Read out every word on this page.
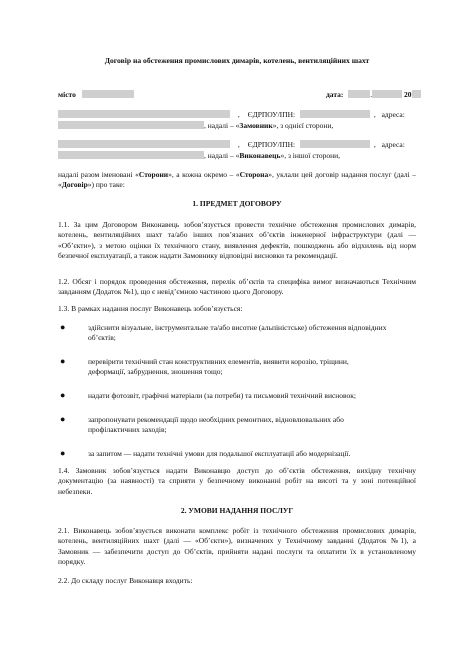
Договір на обстеження промислових димарів, котелень, вентиляційних шахт
місто	дата:	20
, ЄДРПОУ/ІПН:	, адреса:
, надалі – «Замовник», з однієї сторони,
, ЄДРПОУ/ІПН:	, адреса:
, надалі – «Виконавець», з іншої сторони,
надалі разом іменовані «Сторони», а кожна окремо – «Сторона», уклали цей договір надання послуг (далі – «Договір») про таке:
1. ПРЕДМЕТ ДОГОВОРУ
1.1. За цим Договором Виконавець зобов’язується провести технічне обстеження промислових димарів, котелень, вентиляційних шахт та/або інших пов’язаних об’єктів інженерної інфраструктури (далі — «Об’єкти»), з метою оцінки їх технічного стану, виявлення дефектів, пошкоджень або відхилень від норм безпечної експлуатації, а також надати Замовнику відповідні висновки та рекомендації.
1.2. Обсяг і порядок проведення обстеження, перелік об’єктів та специфіка вимог визначаються Технічним завданням (Додаток №1), що є невід’ємною частиною цього Договору.
1.3. В рамках надання послуг Виконавець зобов’язується:
●	здійснити візуальне, інструментальне та/або висотне (альпіністське) обстеження відповідних об’єктів;
●	перевірити технічний стан конструктивних елементів, виявити корозію, тріщини, деформації, забруднення, зношення тощо;
●	надати фотозвіт, графічні матеріали (за потреби) та письмовий технічний висновок;
●	запропонувати рекомендації щодо необхідних ремонтних, відновлювальних або профілактичних заходів;
●	за запитом — надати технічні умови для подальшої експлуатації або модернізації.
1.4. Замовник зобов’язується надати Виконавцю доступ до об’єктів обстеження, вихідну технічну документацію (за наявності) та сприяти у безпечному виконанні робіт на висоті та у зоні потенційної небезпеки.
2. УМОВИ НАДАННЯ ПОСЛУГ
2.1. Виконавець зобов’язується виконати комплекс робіт із технічного обстеження промислових димарів, котелень, вентиляційних шахт (далі — «Об’єкти»), визначених у Технічному завданні (Додаток №1), а Замовник — забезпечити доступ до Об’єктів, прийняти надані послуги та оплатити їх в установленому порядку.
2.2. До складу послуг Виконавця входить:
